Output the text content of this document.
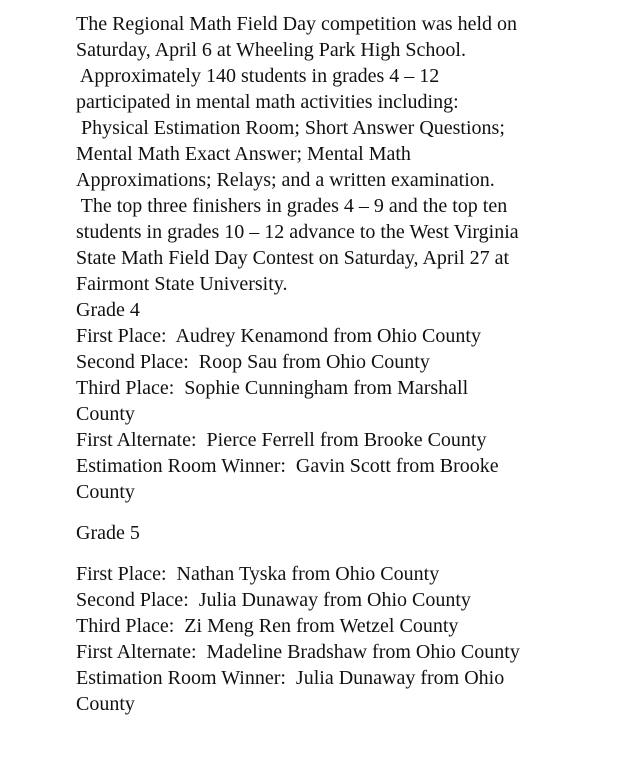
The Regional Math Field Day competition was held on
Saturday, April 6 at Wheeling Park High School.
Approximately 140 students in grades 4 – 12
participated in mental math activities including:
Physical Estimation Room; Short Answer Questions;
Mental Math Exact Answer; Mental Math
Approximations; Relays; and a written examination.
The top three finishers in grades 4 – 9 and the top ten
students in grades 10 – 12 advance to the West Virginia
State Math Field Day Contest on Saturday, April 27 at
Fairmont State University.
Grade 4
First Place:  Audrey Kenamond from Ohio County
Second Place:  Roop Sau from Ohio County
Third Place:  Sophie Cunningham from Marshall
County
First Alternate:  Pierce Ferrell from Brooke County
Estimation Room Winner:  Gavin Scott from Brooke
County
Grade 5
First Place:  Nathan Tyska from Ohio County
Second Place:  Julia Dunaway from Ohio County
Third Place:  Zi Meng Ren from Wetzel County
First Alternate:  Madeline Bradshaw from Ohio County
Estimation Room Winner:  Julia Dunaway from Ohio
County
